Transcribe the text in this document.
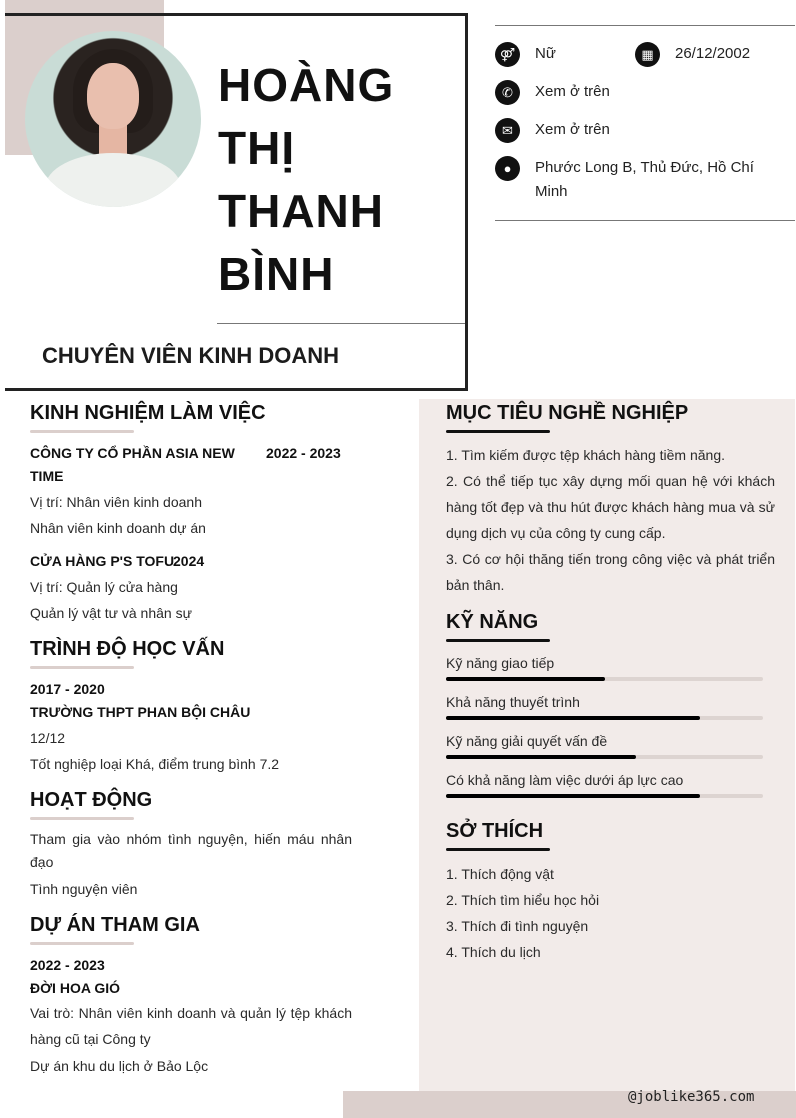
HOÀNG THỊ THANH BÌNH
CHUYÊN VIÊN KINH DOANH
⚤	Nữ	▦	26/12/2002
✆	Xem ở trên
✉	Xem ở trên
●	Phước Long B, Thủ Đức, Hồ Chí Minh
KINH NGHIỆM LÀM VIỆC
CÔNG TY CỔ PHẦN ASIA NEW TIME
2022 - 2023
Vị trí: Nhân viên kinh doanh
Nhân viên kinh doanh dự án
CỬA HÀNG P'S TOFU
2024
Vị trí: Quản lý cửa hàng
Quản lý vật tư và nhân sự
TRÌNH ĐỘ HỌC VẤN
2017 - 2020
TRƯỜNG THPT PHAN BỘI CHÂU
12/12
Tốt nghiệp loại Khá, điểm trung bình 7.2
HOẠT ĐỘNG
Tham gia vào nhóm tình nguyện, hiến máu nhân đạo
Tình nguyện viên
DỰ ÁN THAM GIA
2022 - 2023
ĐỜI HOA GIÓ
Vai trò: Nhân viên kinh doanh và quản lý tệp khách hàng cũ tại Công ty
Dự án khu du lịch ở Bảo Lộc
MỤC TIÊU NGHỀ NGHIỆP
1. Tìm kiếm được tệp khách hàng tiềm năng.
2. Có thể tiếp tục xây dựng mối quan hệ với khách hàng tốt đẹp và thu hút được khách hàng mua và sử dụng dịch vụ của công ty cung cấp.
3. Có cơ hội thăng tiến trong công việc và phát triển bản thân.
KỸ NĂNG
Kỹ năng giao tiếp
Khả năng thuyết trình
Kỹ năng giải quyết vấn đề
Có khả năng làm việc dưới áp lực cao
SỞ THÍCH
1. Thích động vật
2. Thích tìm hiểu học hỏi
3. Thích đi tình nguyện
4. Thích du lịch
@joblike365.com
